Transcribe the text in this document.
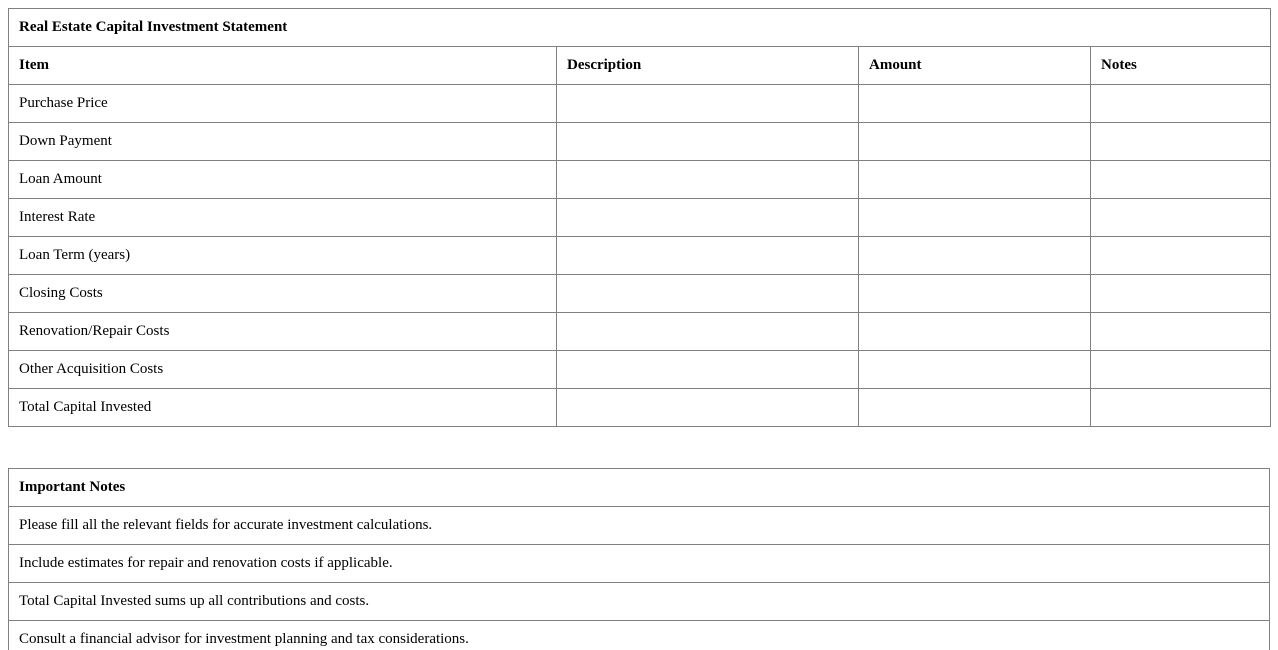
Real Estate Capital Investment Statement			
Item	Description	Amount	Notes
Purchase Price			
Down Payment			
Loan Amount			
Interest Rate			
Loan Term (years)			
Closing Costs			
Renovation/Repair Costs			
Other Acquisition Costs			
Total Capital Invested			
Important Notes
Please fill all the relevant fields for accurate investment calculations.
Include estimates for repair and renovation costs if applicable.
Total Capital Invested sums up all contributions and costs.
Consult a financial advisor for investment planning and tax considerations.
